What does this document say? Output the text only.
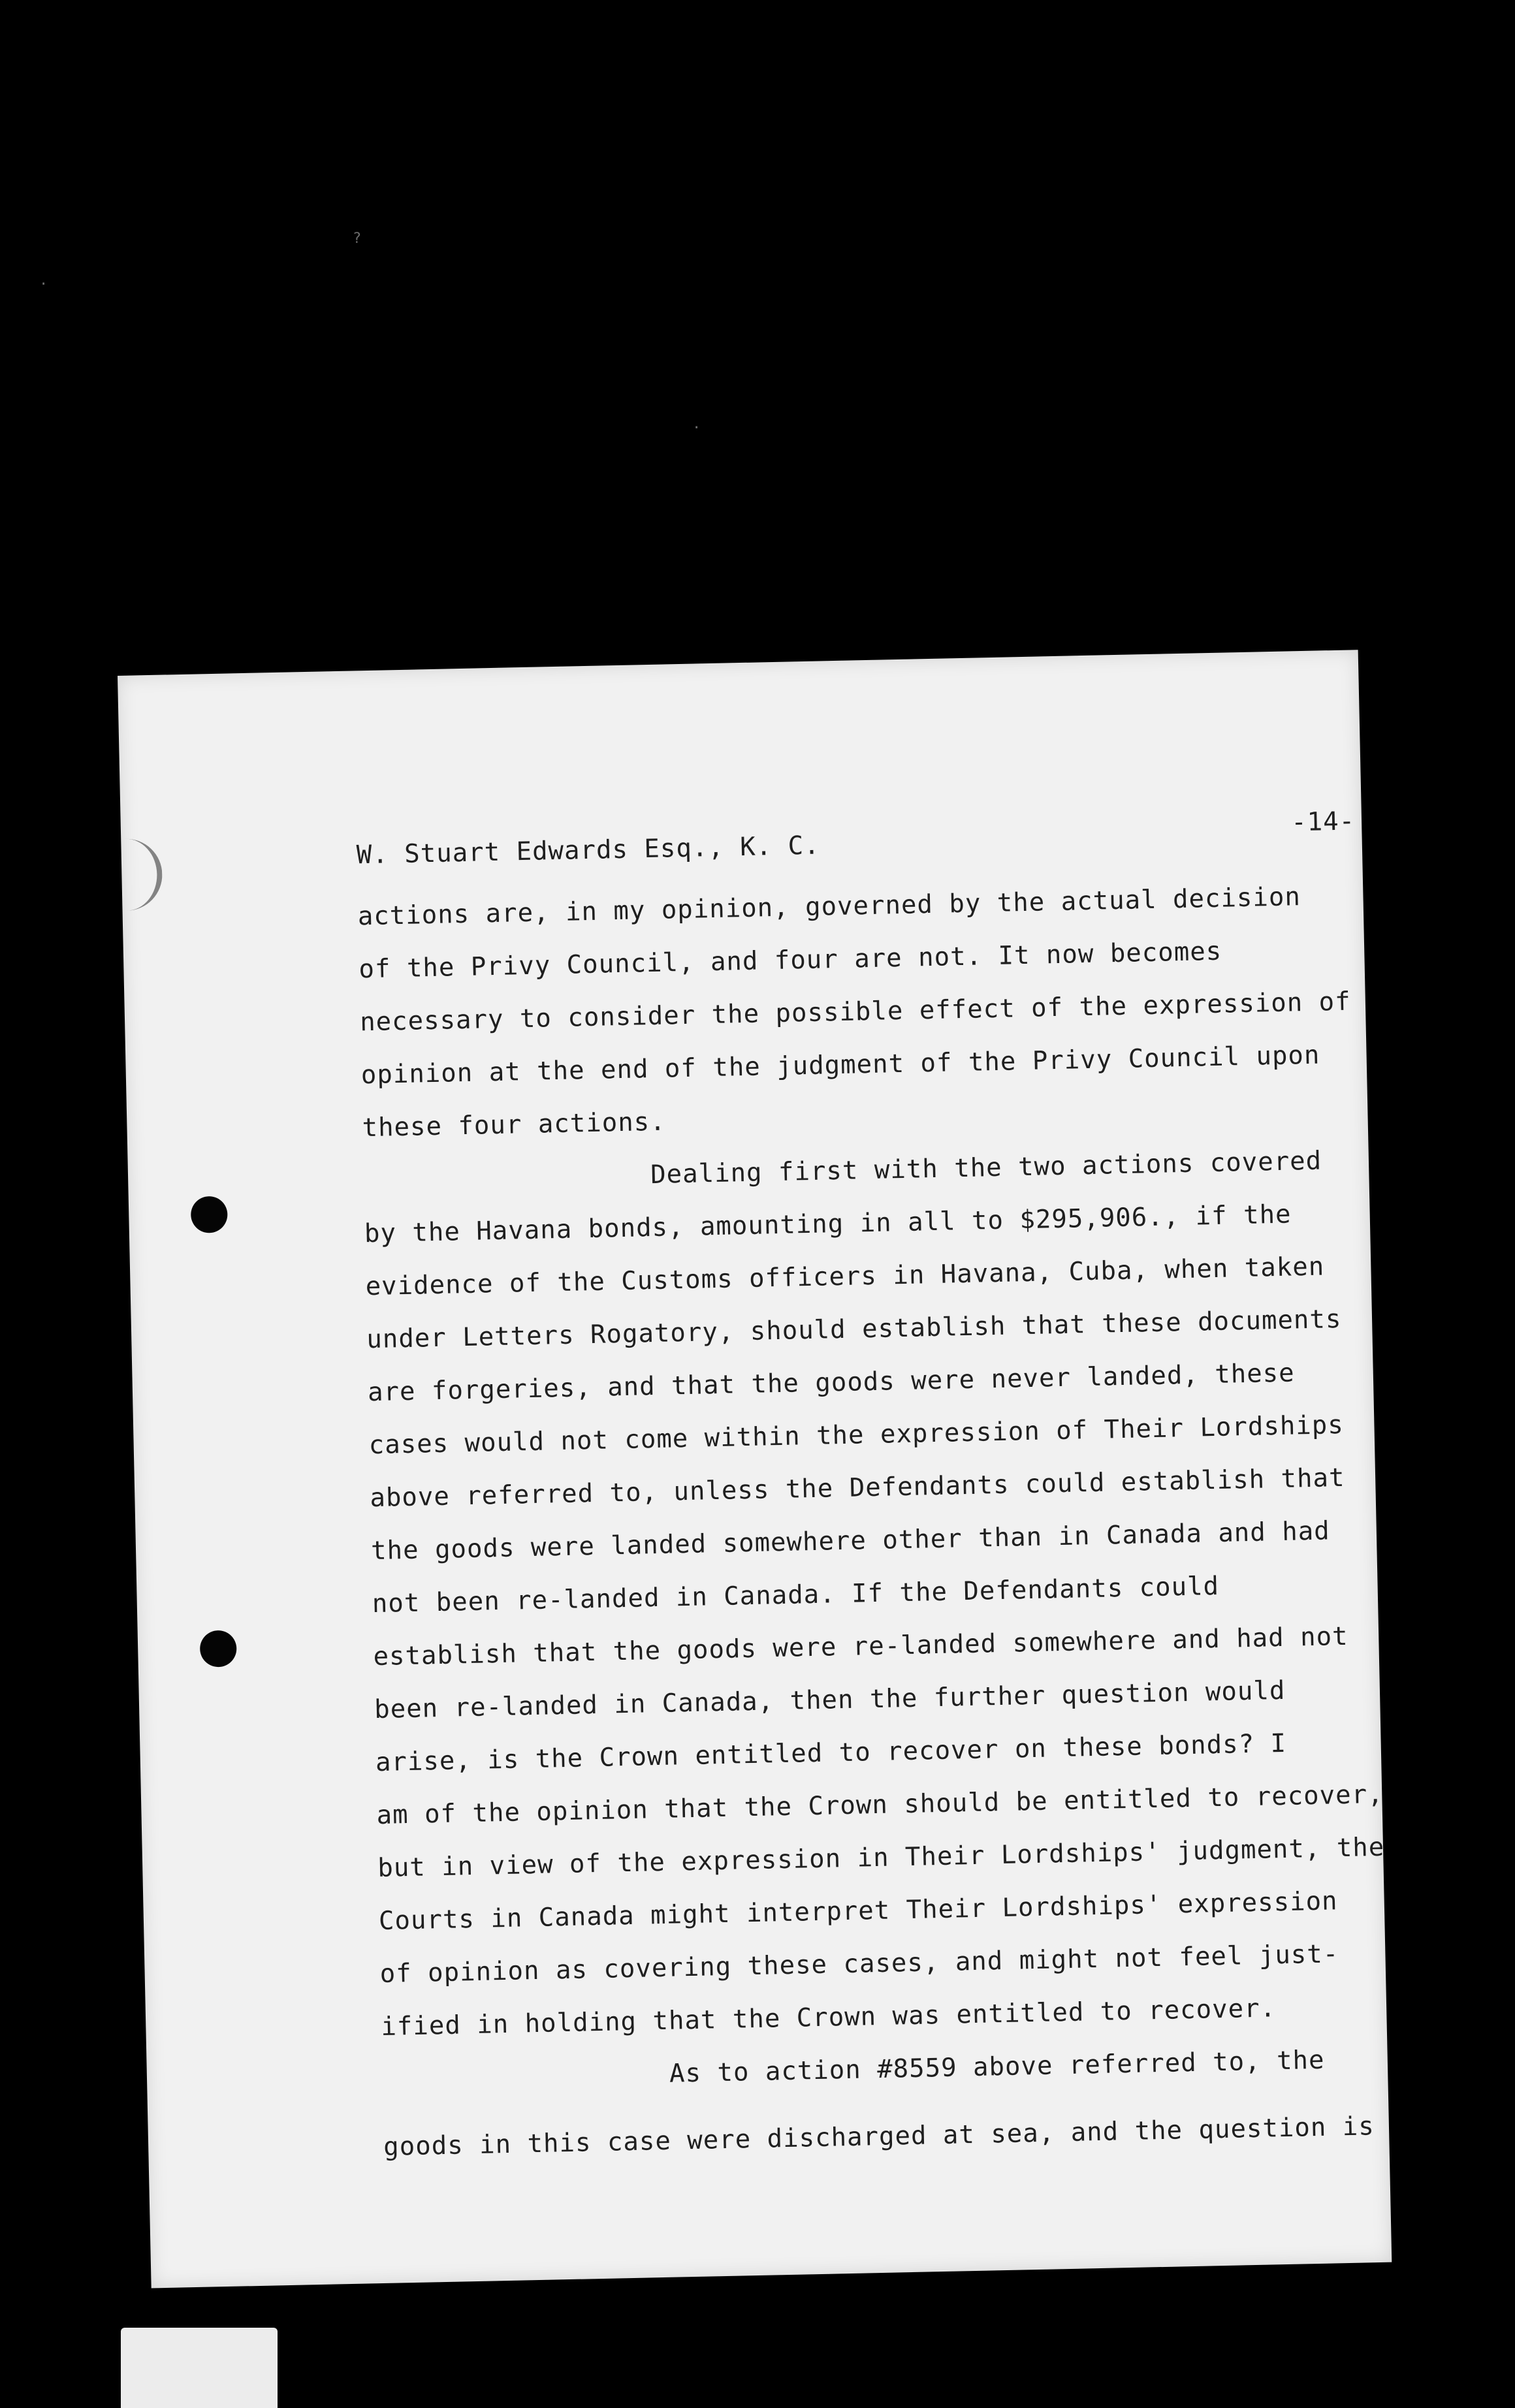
·
?
·
W. Stuart Edwards Esq., K. C.
-14-
actions are, in my opinion, governed by the actual decision
of the Privy Council, and four are not. It now becomes
necessary to consider the possible effect of the expression of
opinion at the end of the judgment of the Privy Council upon
these four actions.
Dealing first with the two actions covered
by the Havana bonds, amounting in all to $295,906., if the
evidence of the Customs officers in Havana, Cuba, when taken
under Letters Rogatory, should establish that these documents
are forgeries, and that the goods were never landed, these
cases would not come within the expression of Their Lordships
above referred to, unless the Defendants could establish that
the goods were landed somewhere other than in Canada and had
not been re-landed in Canada. If the Defendants could
establish that the goods were re-landed somewhere and had not
been re-landed in Canada, then the further question would
arise, is the Crown entitled to recover on these bonds? I
am of the opinion that the Crown should be entitled to recover,
but in view of the expression in Their Lordships' judgment, the
Courts in Canada might interpret Their Lordships' expression
of opinion as covering these cases, and might not feel just-
ified in holding that the Crown was entitled to recover.
As to action #8559 above referred to, the
goods in this case were discharged at sea, and the question is
